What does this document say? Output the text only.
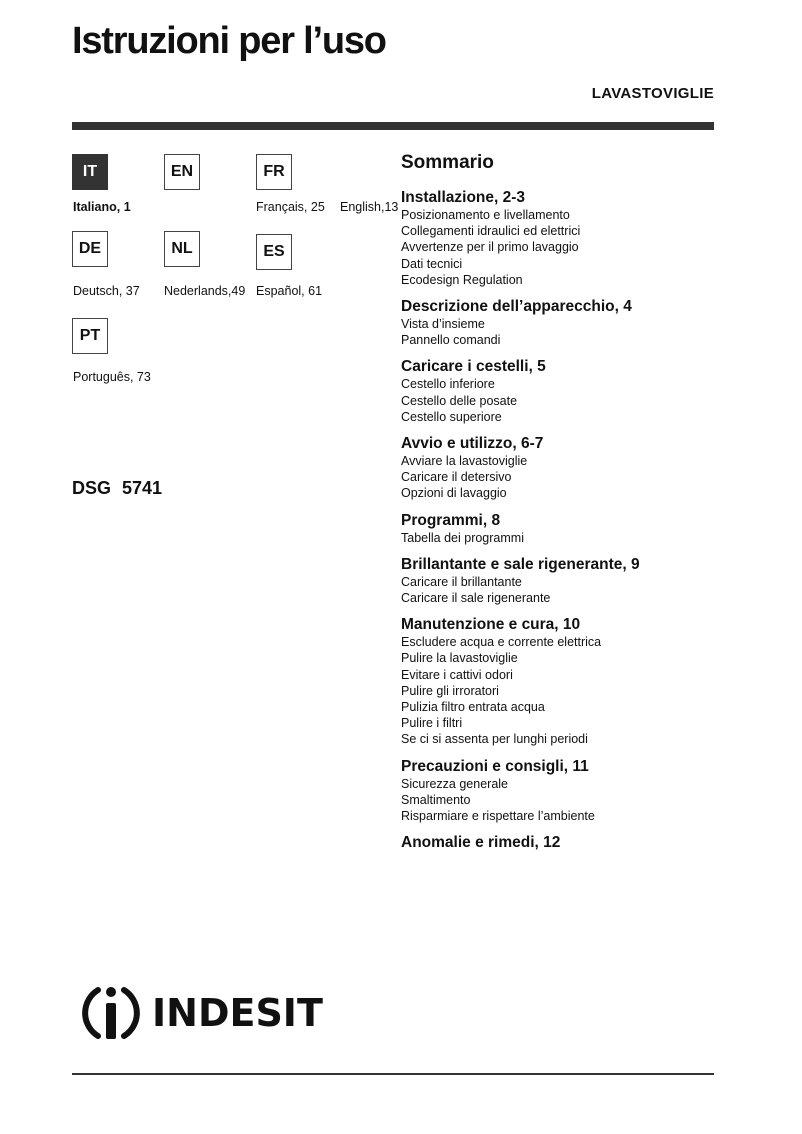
Istruzioni per l’uso
LAVASTOVIGLIE
IT	EN	FR
Italiano, 1	Français, 25 English,13
DE	NL	ES
Deutsch, 37 Nederlands,49 Español, 61
PT
Português, 73
DSG 5741
Sommario
Installazione, 2-3
Posizionamento e livellamento
Collegamenti idraulici ed elettrici
Avvertenze per il primo lavaggio
Dati tecnici
Ecodesign Regulation
Descrizione dell’apparecchio, 4
Vista d’insieme
Pannello comandi
Caricare i cestelli, 5
Cestello inferiore
Cestello delle posate
Cestello superiore
Avvio e utilizzo, 6-7
Avviare la lavastoviglie
Caricare il detersivo
Opzioni di lavaggio
Programmi, 8
Tabella dei programmi
Brillantante e sale rigenerante, 9
Caricare il brillantante
Caricare il sale rigenerante
Manutenzione e cura, 10
Escludere acqua e corrente elettrica
Pulire la lavastoviglie
Evitare i cattivi odori
Pulire gli irroratori
Pulizia filtro entrata acqua
Pulire i filtri
Se ci si assenta per lunghi periodi
Precauzioni e consigli, 11
Sicurezza generale
Smaltimento
Risparmiare e rispettare l’ambiente
Anomalie e rimedi, 12
INDESIT
